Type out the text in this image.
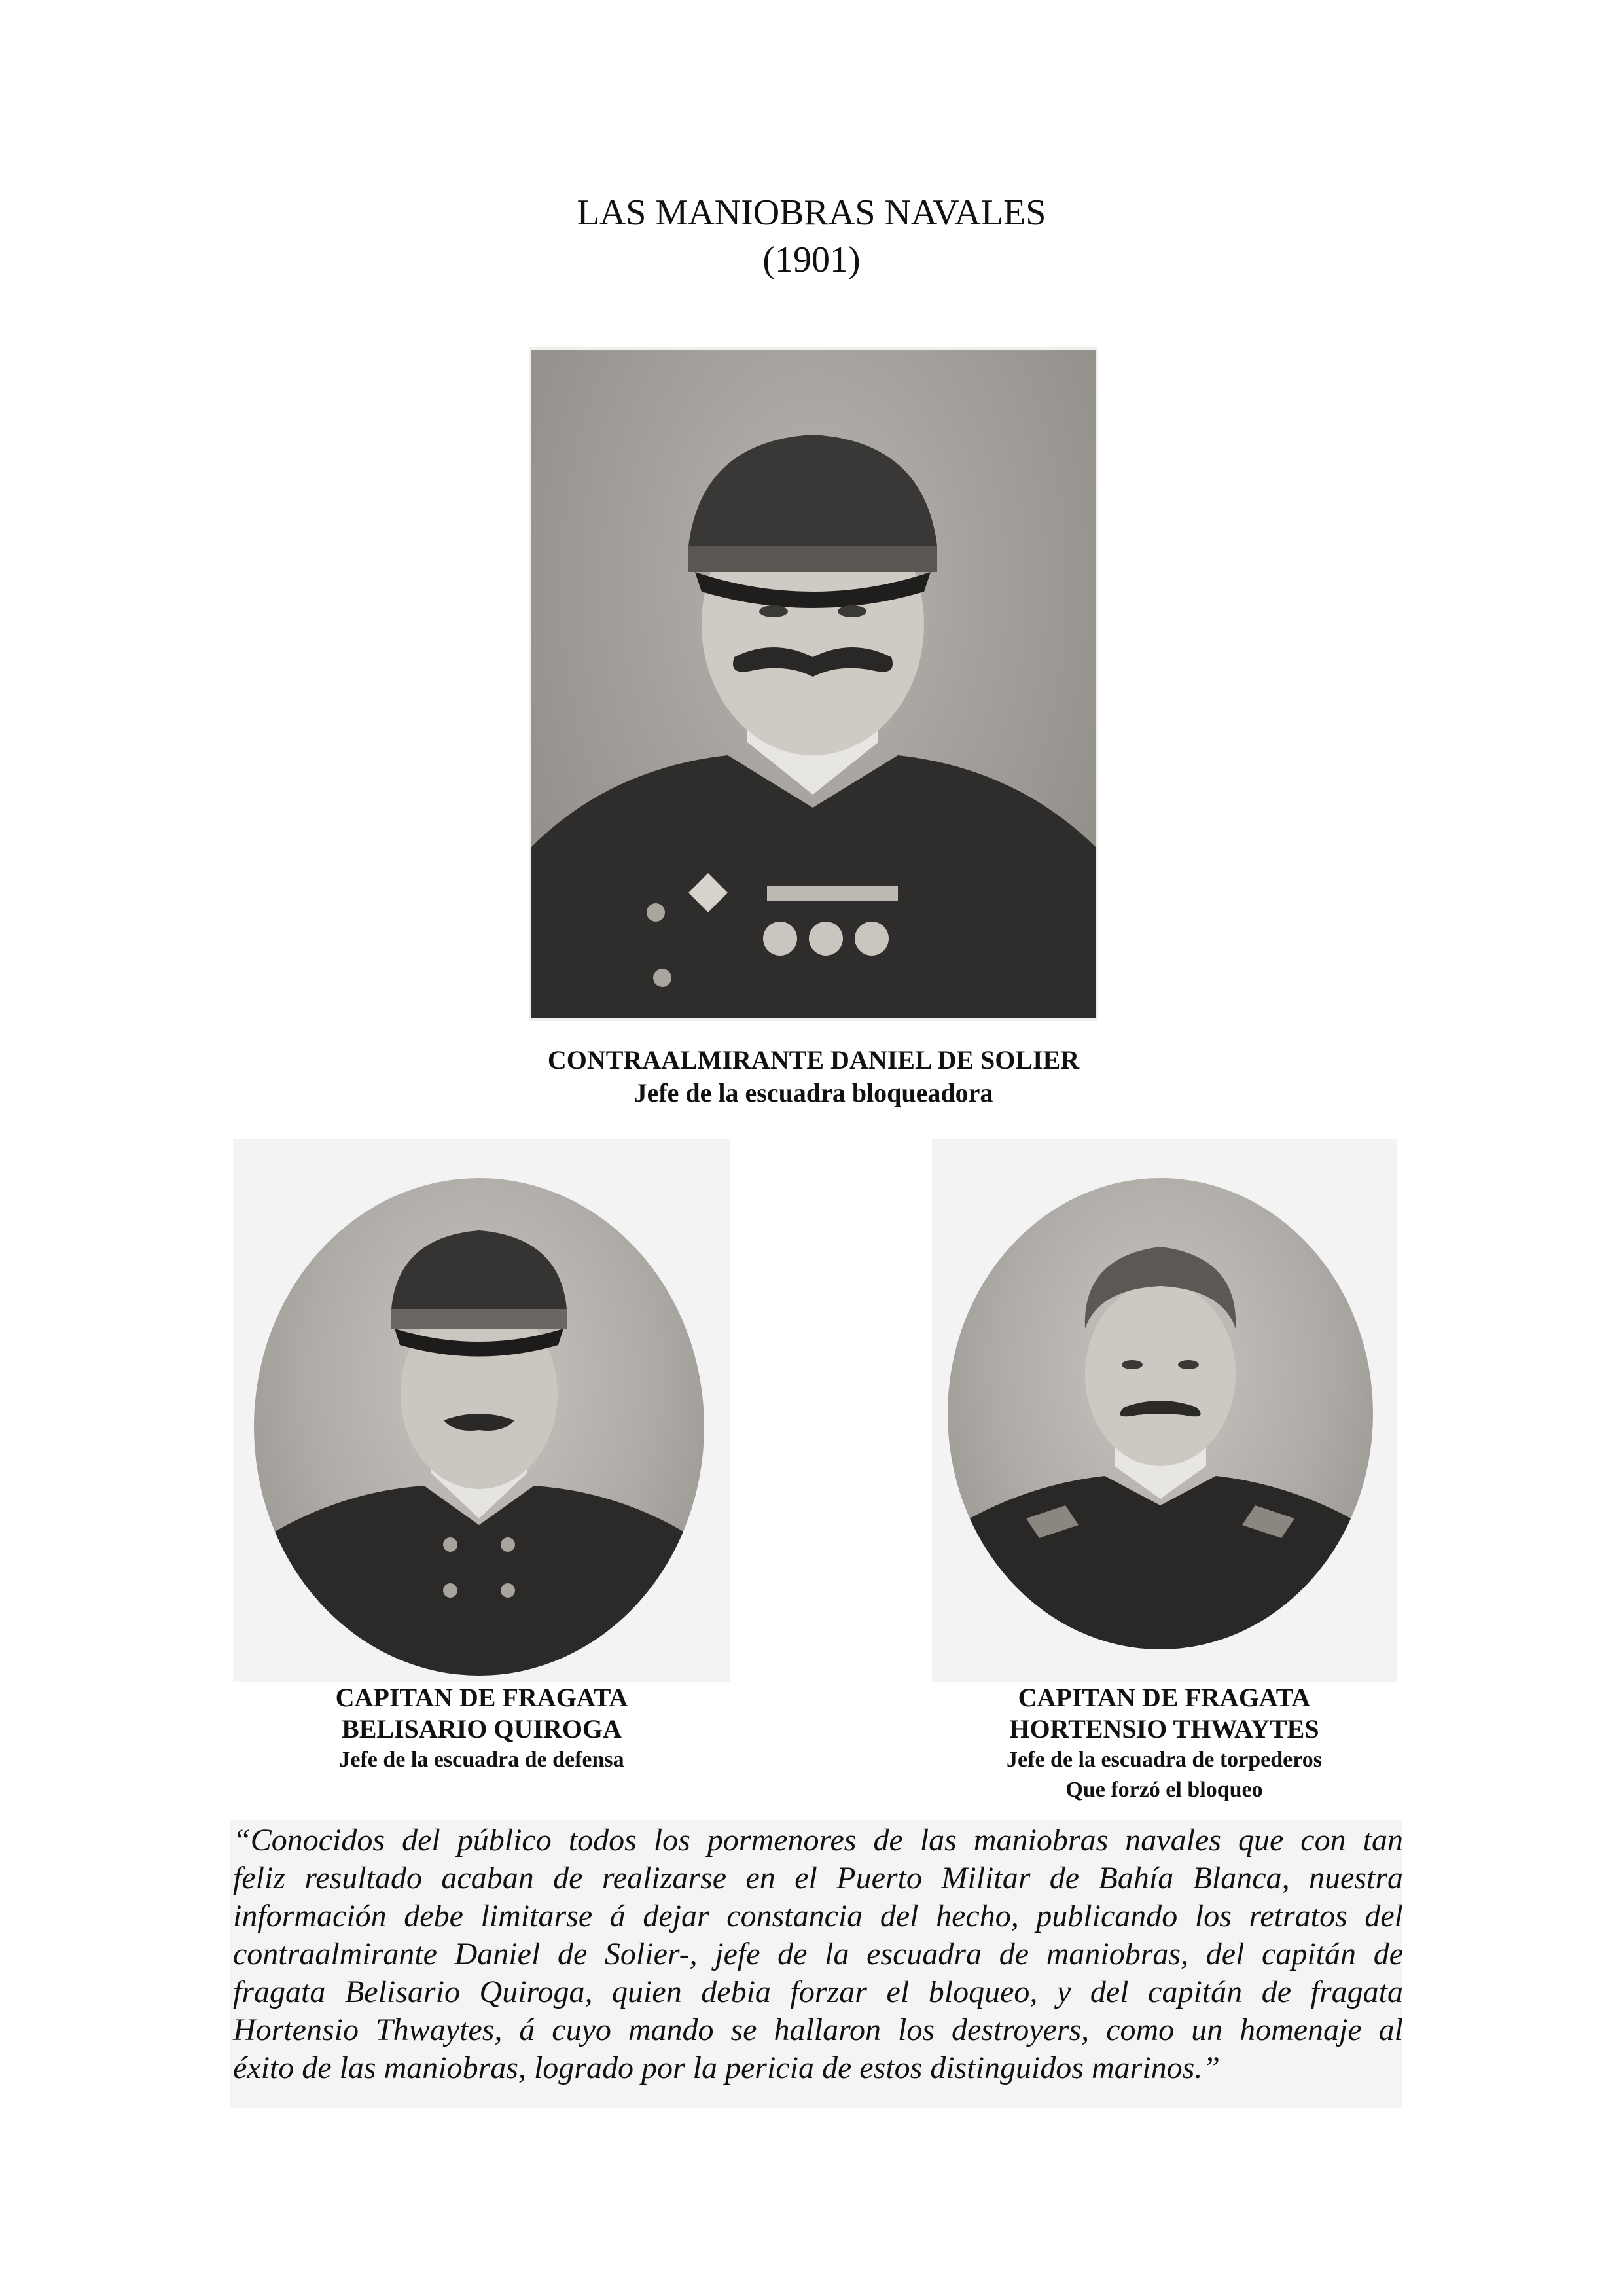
LAS MANIOBRAS NAVALES
(1901)
CONTRAALMIRANTE DANIEL DE SOLIER
Jefe de la escuadra bloqueadora
CAPITAN DE FRAGATA
BELISARIO QUIROGA
Jefe de la escuadra de defensa
CAPITAN DE FRAGATA
HORTENSIO THWAYTES
Jefe de la escuadra de torpederos
Que forzó el bloqueo

“Conocidos del público todos los pormenores de las maniobras navales que con tan

feliz resultado acaban de realizarse en el Puerto Militar de Bahía Blanca, nuestra

información debe limitarse á dejar constancia del hecho, publicando los retratos del

contraalmirante Daniel de Solier-, jefe de la escuadra de maniobras, del capitán de

fragata Belisario Quiroga, quien debia forzar el bloqueo, y del capitán de fragata

Hortensio Thwaytes, á cuyo mando se hallaron los destroyers, como un homenaje al

éxito de las maniobras, logrado por la pericia de estos distinguidos marinos.”
